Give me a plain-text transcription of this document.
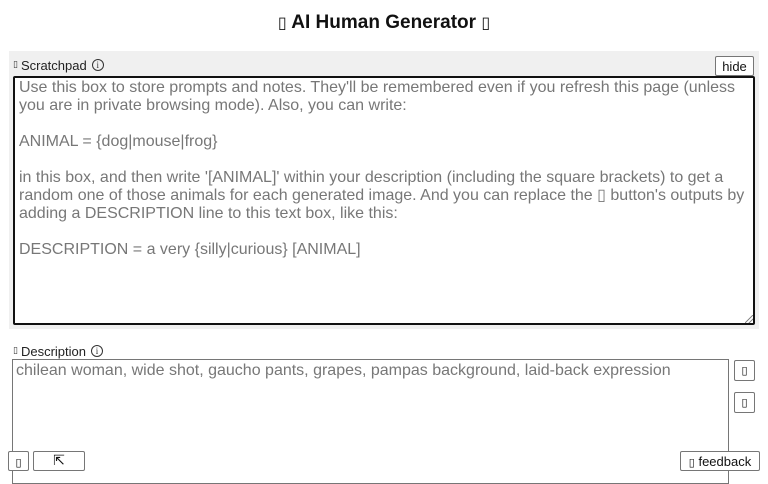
▯ AI Human Generator ▯
▯ Scratchpad	i	hide
Use this box to store prompts and notes. They'll be remembered even if you refresh this page (unless you are in private browsing mode). Also, you can write:

ANIMAL = {dog|mouse|frog}

in this box, and then write '[ANIMAL]' within your description (including the square brackets) to get a random one of those animals for each generated image. And you can replace the ▯ button's outputs by adding a DESCRIPTION line to this text box, like this:

DESCRIPTION = a very {silly|curious} [ANIMAL]
▯ Description	i
chilean woman, wide shot, gaucho pants, grapes, pampas background, laid-back expression	▯
▯
▯	⇱	▯ feedback
